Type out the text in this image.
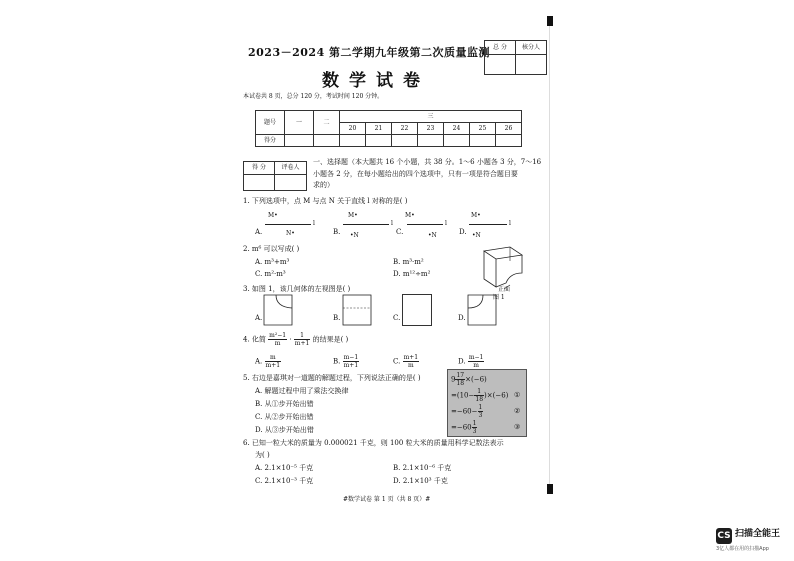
2023－2024 第二学期九年级第二次质量监测
数学试卷
本试卷共 8 页，总分 120 分，考试时间 120 分钟。
总 分	核分人

题号	一	二	三						
			20	21	22	23	24	25	26
得分									
得 分	评卷人

一、选择题（本大题共 16 个小题，共 38 分。1～6 小题各 3 分，7～16
小题各 2 分，在每小题给出的四个选项中，只有一项是符合题目要
求的）
1. 下列选项中，点 M 与点 N 关于直线 l 对称的是( )
A.
M•
l
N•	B.
M•
l
•N	C.
M•
l
•N	D.
M•
l
•N
2. m⁶ 可以写成( )
A. m³+m³	B. m³·m²
C. m²·m³	D. m¹²÷m²
正面
图 1
3. 如图 1，该几何体的左视图是( )
A.	B.	C.	D.
4. 化简 $\frac{\text{m²−1}}{m} \cdot \frac{1}{m+1}$ 的结果是( )
A. $\frac{m}{m+1}$	B. $\frac{m-1}{m+1}$	C. $\frac{m+1}{m}$	D. $\frac{m-1}{m}$
5. 右边是嘉琪对一道题的解题过程，下列说法正确的是( )
A. 解题过程中用了乘法交换律
B. 从①步开始出错
C. 从②步开始出错
D. 从③步开始出错
$9 \frac{17}{18} \times(-6)$
$=(10- \frac{1}{18} )\times(-6)$ ①
$=-60- \frac{1}{3}$	②
$=-60 \frac{1}{3}$	③
6. 已知一粒大米的质量为 0.000021 千克，则 100 粒大米的质量用科学记数法表示
为( )
A. 2.1×10⁻⁵ 千克	B. 2.1×10⁻⁶ 千克
C. 2.1×10⁻³ 千克	D. 2.1×10³ 千克
#数学试卷 第 1 页（共 8 页）#
CS 扫描全能王
3亿人都在用的扫描App
